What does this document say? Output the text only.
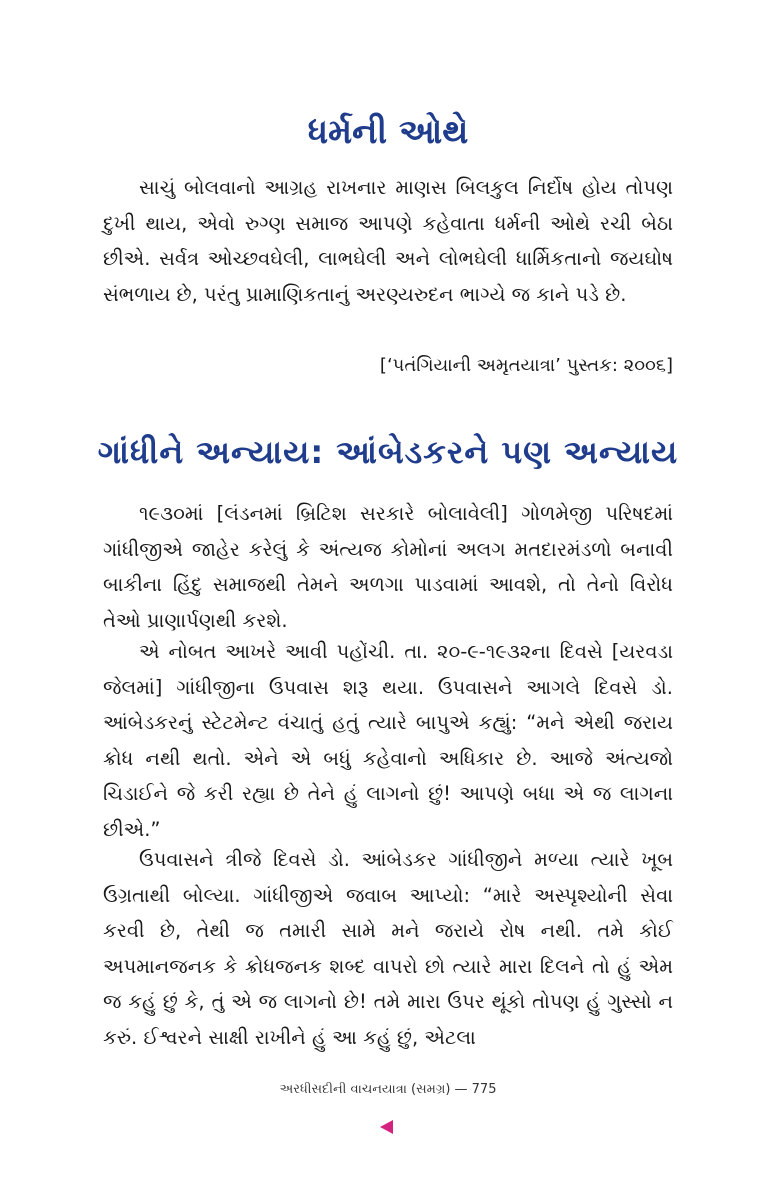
ધર્મની ઓથે

સાચું બોલવાનો આગ્રહ રાખનાર માણસ બિલકુલ નિર્દોષ હોય તોપણ દુખી થાય, એવો રુગ્ણ સમાજ આપણે કહેવાતા ધર્મની ઓથે રચી બેઠા છીએ. સર્વત્ર ઓચ્છવઘેલી, લાભઘેલી અને લોભઘેલી ધાર્મિકતાનો જયઘોષ સંભળાય છે, પરંતુ પ્રામાણિકતાનું અરણ્યરુદન ભાગ્યે જ કાને પડે છે.

[‘પતંગિયાની અમૃતયાત્રા’ પુસ્તક: ૨૦૦૬]

ગાંધીને અન્યાય: આંબેડકરને પણ અન્યાય

૧૯૩૦માં [લંડનમાં બ્રિટિશ સરકારે બોલાવેલી] ગોળમેજી પરિષદમાં ગાંધીજીએ જાહેર કરેલું કે અંત્યજ કોમોનાં અલગ મતદારમંડળો બનાવી બાકીના હિંદુ સમાજથી તેમને અળગા પાડવામાં આવશે, તો તેનો વિરોધ તેઓ પ્રાણાર્પણથી કરશે.

એ નોબત આખરે આવી પહોંચી. તા. ૨૦-૯-૧૯૩૨ના દિવસે [યરવડા જેલમાં] ગાંધીજીના ઉપવાસ શરૂ થયા. ઉપવાસને આગલે દિવસે ડો. આંબેડકરનું સ્ટેટમેન્ટ વંચાતું હતું ત્યારે બાપુએ કહ્યું: “મને એથી જરાય ક્રોધ નથી થતો. એને એ બધું કહેવાનો અધિકાર છે. આજે અંત્યજો ચિડાઈને જે કરી રહ્યા છે તેને હું લાગનો છું! આપણે બધા એ જ લાગના છીએ.”

ઉપવાસને ત્રીજે દિવસે ડો. આંબેડકર ગાંધીજીને મળ્યા ત્યારે ખૂબ ઉગ્રતાથી બોલ્યા. ગાંધીજીએ જવાબ આપ્યો: “મારે અસ્પૃશ્યોની સેવા કરવી છે, તેથી જ તમારી સામે મને જરાયે રોષ નથી. તમે કોઈ અપમાનજનક કે ક્રોધજનક શબ્દ વાપરો છો ત્યારે મારા દિલને તો હું એમ જ કહું છું કે, તું એ જ લાગનો છે! તમે મારા ઉપર થૂંકો તોપણ હું ગુસ્સો ન કરું. ઈશ્વરને સાક્ષી રાખીને હું આ કહું છું, એટલા

અરધીસદીની વાચનયાત્રા (સમગ્ર) — 775
